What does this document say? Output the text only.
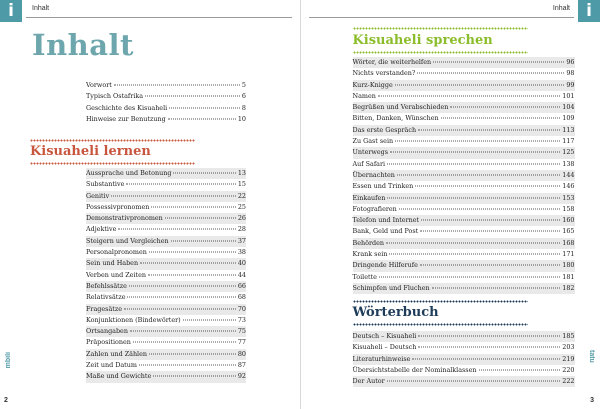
i	Inhalt
Inhalt
Vorwort	5
Typisch Ostafrika	6
Geschichte des Kisuaheli	8
Hinweise zur Benutzung	10
Kisuaheli lernen
Aussprache und Betonung	13
Substantive	15
Genitiv	22
Possessivpronomen	25
Demonstrativpronomen	26
Adjektive	28
Steigern und Vergleichen	37
Personalpronomen	38
Sein und Haben	40
Verben und Zeiten	44
Befehlssätze	66
Relativsätze	68
Fragesätze	70
Konjunktionen (Bindewörter)	73
Ortsangaben	75
Präpositionen	77
Zahlen und Zählen	80
Zeit und Datum	87
Maße und Gewichte	92
mbili
2
i
Inhalt
Kisuaheli sprechen
Wörter, die weiterhelfen	96
Nichts verstanden?	98
Kurz-Knigge	99
Namen	101
Begrüßen und Verabschieden	104
Bitten, Danken, Wünschen	109
Das erste Gespräch	113
Zu Gast sein	117
Unterwegs	125
Auf Safari	138
Übernachten	144
Essen und Trinken	146
Einkaufen	153
Fotografieren	158
Telefon und Internet	160
Bank, Geld und Post	165
Behörden	168
Krank sein	171
Dringende Hilferufe	180
Toilette	181
Schimpfen und Fluchen	182
Wörterbuch
Deutsch – Kisuaheli	185
Kisuaheli – Deutsch	203
Literaturhinweise	219
Übersichtstabelle der Nominalklassen	220
Der Autor	222
tatu
3
